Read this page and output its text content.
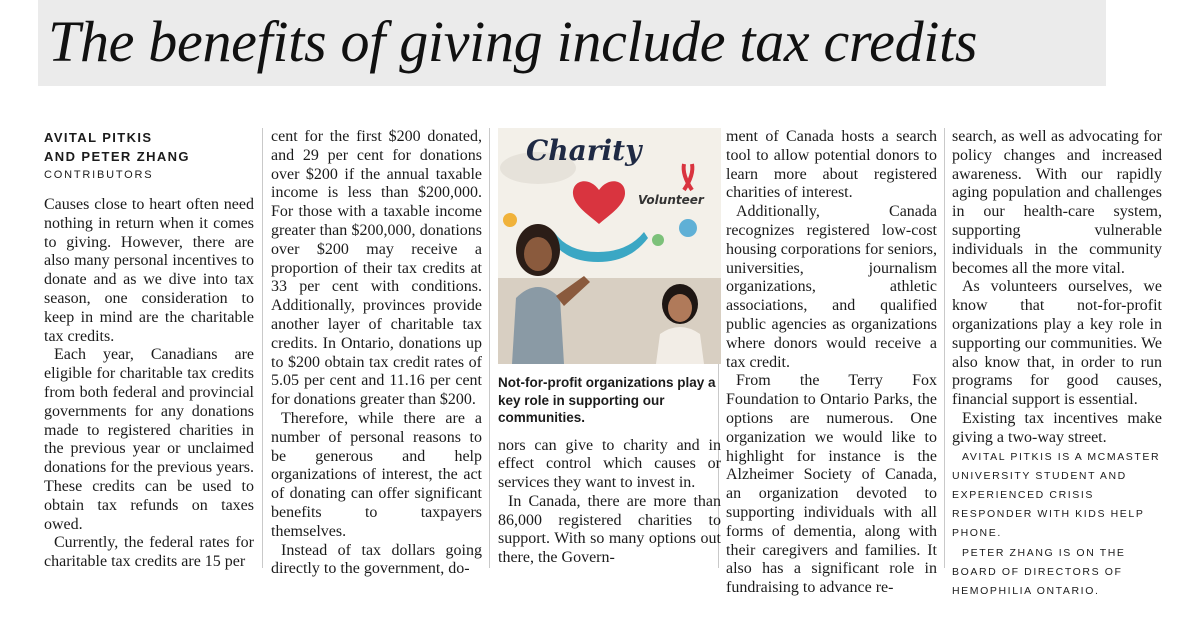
The benefits of giving include tax credits
AVITAL PITKIS
AND PETER ZHANG
CONTRIBUTORS

Causes close to heart often need nothing in return when it comes to giving. However, there are also many personal incentives to donate and as we dive into tax season, one consideration to keep in mind are the charitable tax credits.

Each year, Canadians are eligible for charitable tax credits from both federal and provincial governments for any donations made to registered charities in the previous year or unclaimed donations for the previous years. These credits can be used to obtain tax refunds on taxes owed.

Currently, the federal rates for charitable tax credits are 15 per

cent for the first $200 donated, and 29 per cent for donations over $200 if the annual taxable income is less than $200,000. For those with a taxable income greater than $200,000, donations over $200 may receive a proportion of their tax credits at 33 per cent with conditions. Additionally, provinces provide another layer of charitable tax credits. In Ontario, donations up to $200 obtain tax credit rates of 5.05 per cent and 11.16 per cent for donations greater than $200.

Therefore, while there are a number of personal reasons to be generous and help organizations of interest, the act of donating can offer significant benefits to taxpayers themselves.

Instead of tax dollars going directly to the government, do-

Charity
Volunteer
Not-for-profit organizations play a key role in supporting our communities.

nors can give to charity and in effect control which causes or services they want to invest in.

In Canada, there are more than 86,000 registered charities to support. With so many options out there, the Govern-

ment of Canada hosts a search tool to allow potential donors to learn more about registered charities of interest.

Additionally, Canada recognizes registered low-cost housing corporations for seniors, universities, journalism organizations, athletic associations, and qualified public agencies as organizations where donors would receive a tax credit.

From the Terry Fox Foundation to Ontario Parks, the options are numerous. One organization we would like to highlight for instance is the Alzheimer Society of Canada, an organization devoted to supporting individuals with all forms of dementia, along with their caregivers and families. It also has a significant role in fundraising to advance re-

search, as well as advocating for policy changes and increased awareness. With our rapidly aging population and challenges in our health-care system, supporting vulnerable individuals in the community becomes all the more vital.

As volunteers ourselves, we know that not-for-profit organizations play a key role in supporting our communities. We also know that, in order to run programs for good causes, financial support is essential.

Existing tax incentives make giving a two-way street.

AVITAL PITKIS IS A MCMASTER UNIVERSITY STUDENT AND EXPERIENCED CRISIS RESPONDER WITH KIDS HELP PHONE.

PETER ZHANG IS ON THE BOARD OF DIRECTORS OF HEMOPHILIA ONTARIO.
